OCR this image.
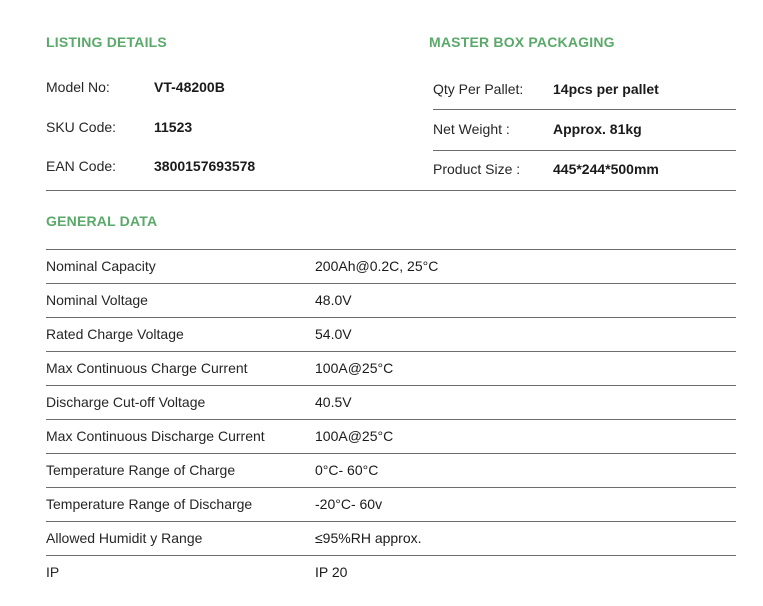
LISTING DETAILS	MASTER BOX PACKAGING
Model No:	VT-48200B
SKU Code:	11523
EAN Code:	3800157693578
Qty Per Pallet:	14pcs per pallet
Net Weight :	Approx. 81kg
Product Size :	445*244*500mm
GENERAL DATA
Nominal Capacity	200Ah@0.2C, 25°C
Nominal Voltage	48.0V
Rated Charge Voltage	54.0V
Max Continuous Charge Current	100A@25°C
Discharge Cut-off Voltage	40.5V
Max Continuous Discharge Current	100A@25°C
Temperature Range of Charge	0°C- 60°C
Temperature Range of Discharge	-20°C- 60v
Allowed Humidit y Range	≤95%RH approx.
IP	IP 20
